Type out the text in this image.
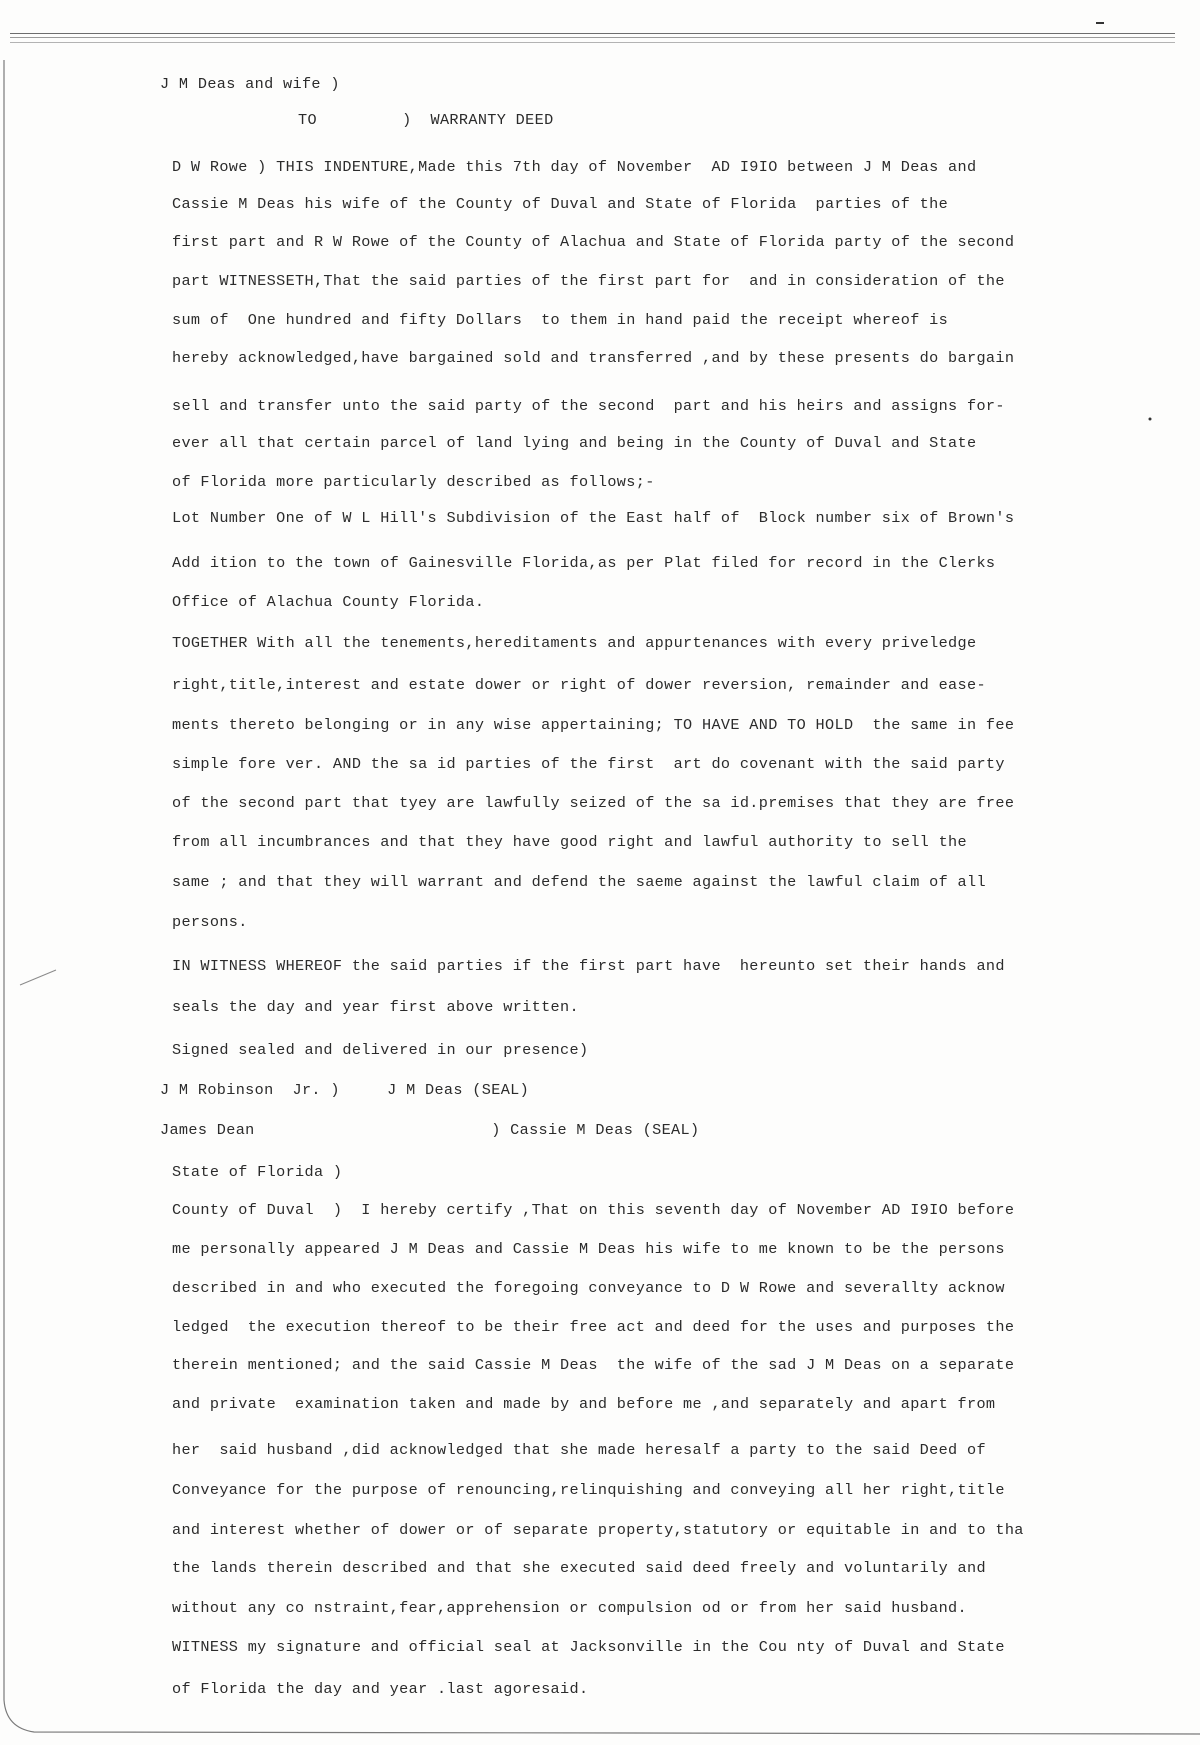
J M Deas and wife )
TO         )  WARRANTY DEED
D W Rowe ) THIS INDENTURE,Made this 7th day of November  AD I9IO between J M Deas and
Cassie M Deas his wife of the County of Duval and State of Florida  parties of the
first part and R W Rowe of the County of Alachua and State of Florida party of the second
part WITNESSETH,That the said parties of the first part for  and in consideration of the
sum of  One hundred and fifty Dollars  to them in hand paid the receipt whereof is
hereby acknowledged,have bargained sold and transferred ,and by these presents do bargain
sell and transfer unto the said party of the second  part and his heirs and assigns for-
ever all that certain parcel of land lying and being in the County of Duval and State
of Florida more particularly described as follows;-
Lot Number One of W L Hill's Subdivision of the East half of  Block number six of Brown's
Add ition to the town of Gainesville Florida,as per Plat filed for record in the Clerks
Office of Alachua County Florida.
TOGETHER With all the tenements,hereditaments and appurtenances with every priveledge
right,title,interest and estate dower or right of dower reversion, remainder and ease-
ments thereto belonging or in any wise appertaining; TO HAVE AND TO HOLD  the same in fee
simple fore ver. AND the sa id parties of the first  art do covenant with the said party
of the second part that tyey are lawfully seized of the sa id.premises that they are free
from all incumbrances and that they have good right and lawful authority to sell the
same ; and that they will warrant and defend the saeme against the lawful claim of all
persons.
IN WITNESS WHEREOF the said parties if the first part have  hereunto set their hands and
seals the day and year first above written.
Signed sealed and delivered in our presence)
J M Robinson  Jr. )     J M Deas (SEAL)
James Dean                         ) Cassie M Deas (SEAL)
State of Florida )
County of Duval  )  I hereby certify ,That on this seventh day of November AD I9IO before
me personally appeared J M Deas and Cassie M Deas his wife to me known to be the persons
described in and who executed the foregoing conveyance to D W Rowe and severallty acknow
ledged  the execution thereof to be their free act and deed for the uses and purposes the
therein mentioned; and the said Cassie M Deas  the wife of the sad J M Deas on a separate
and private  examination taken and made by and before me ,and separately and apart from
her  said husband ,did acknowledged that she made heresalf a party to the said Deed of
Conveyance for the purpose of renouncing,relinquishing and conveying all her right,title
and interest whether of dower or of separate property,statutory or equitable in and to tha
the lands therein described and that she executed said deed freely and voluntarily and
without any co nstraint,fear,apprehension or compulsion od or from her said husband.
WITNESS my signature and official seal at Jacksonville in the Cou nty of Duval and State
of Florida the day and year .last agoresaid.
